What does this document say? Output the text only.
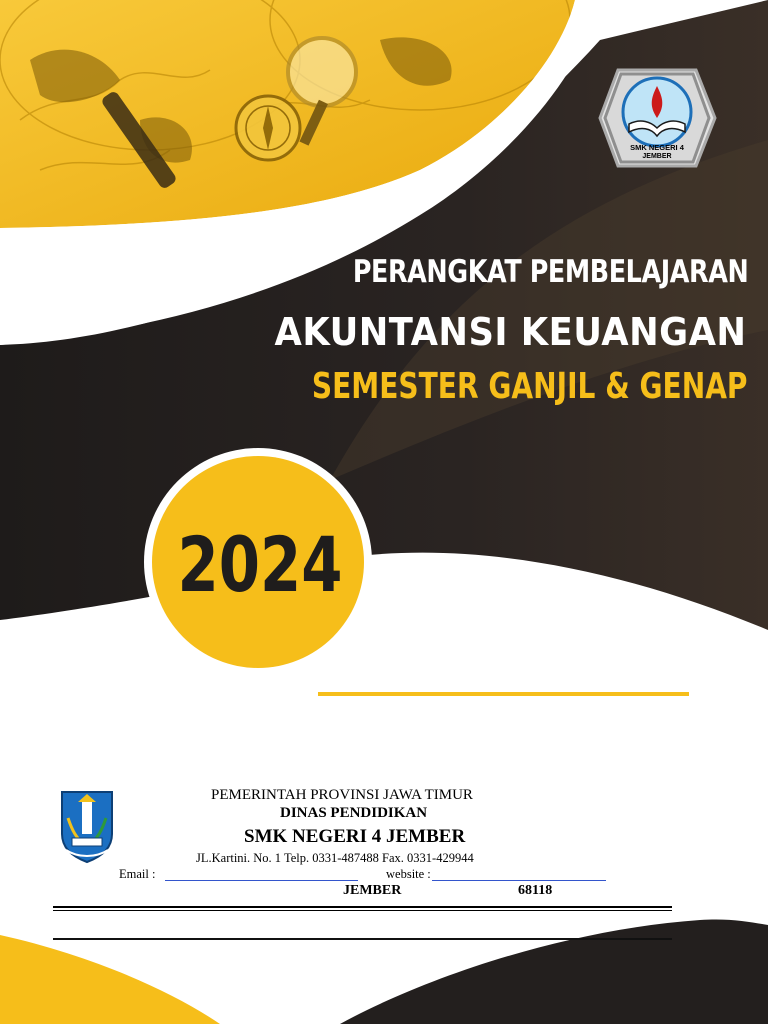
SMK NEGERI 4
JEMBER
PERANGKAT PEMBELAJARAN
AKUNTANSI KEUANGAN
SEMESTER GANJIL & GENAP
2024
PEMERINTAH PROVINSI JAWA TIMUR
DINAS PENDIDIKAN
SMK NEGERI 4 JEMBER
JL.Kartini. No. 1 Telp. 0331-487488 Fax. 0331-429944
Email :	website :
JEMBER	68118
